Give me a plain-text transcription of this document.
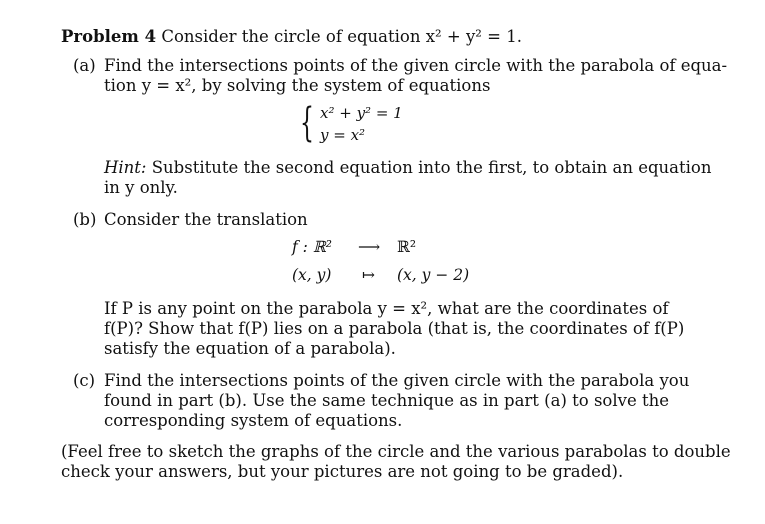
Problem 4 Consider the circle of equation x² + y² = 1.
(a) Find the intersections points of the given circle with the parabola of equa-
tion y = x², by solving the system of equations
{ x² + y² = 1
y = x²
Hint: Substitute the second equation into the first, to obtain an equation
in y only.
(b) Consider the translation
f : ℝ² ⟶ ℝ²
(x, y) ↦ (x, y − 2)
If P is any point on the parabola y = x², what are the coordinates of
f(P)? Show that f(P) lies on a parabola (that is, the coordinates of f(P)
satisfy the equation of a parabola).
(c) Find the intersections points of the given circle with the parabola you
found in part (b). Use the same technique as in part (a) to solve the
corresponding system of equations.
(Feel free to sketch the graphs of the circle and the various parabolas to double
check your answers, but your pictures are not going to be graded).
